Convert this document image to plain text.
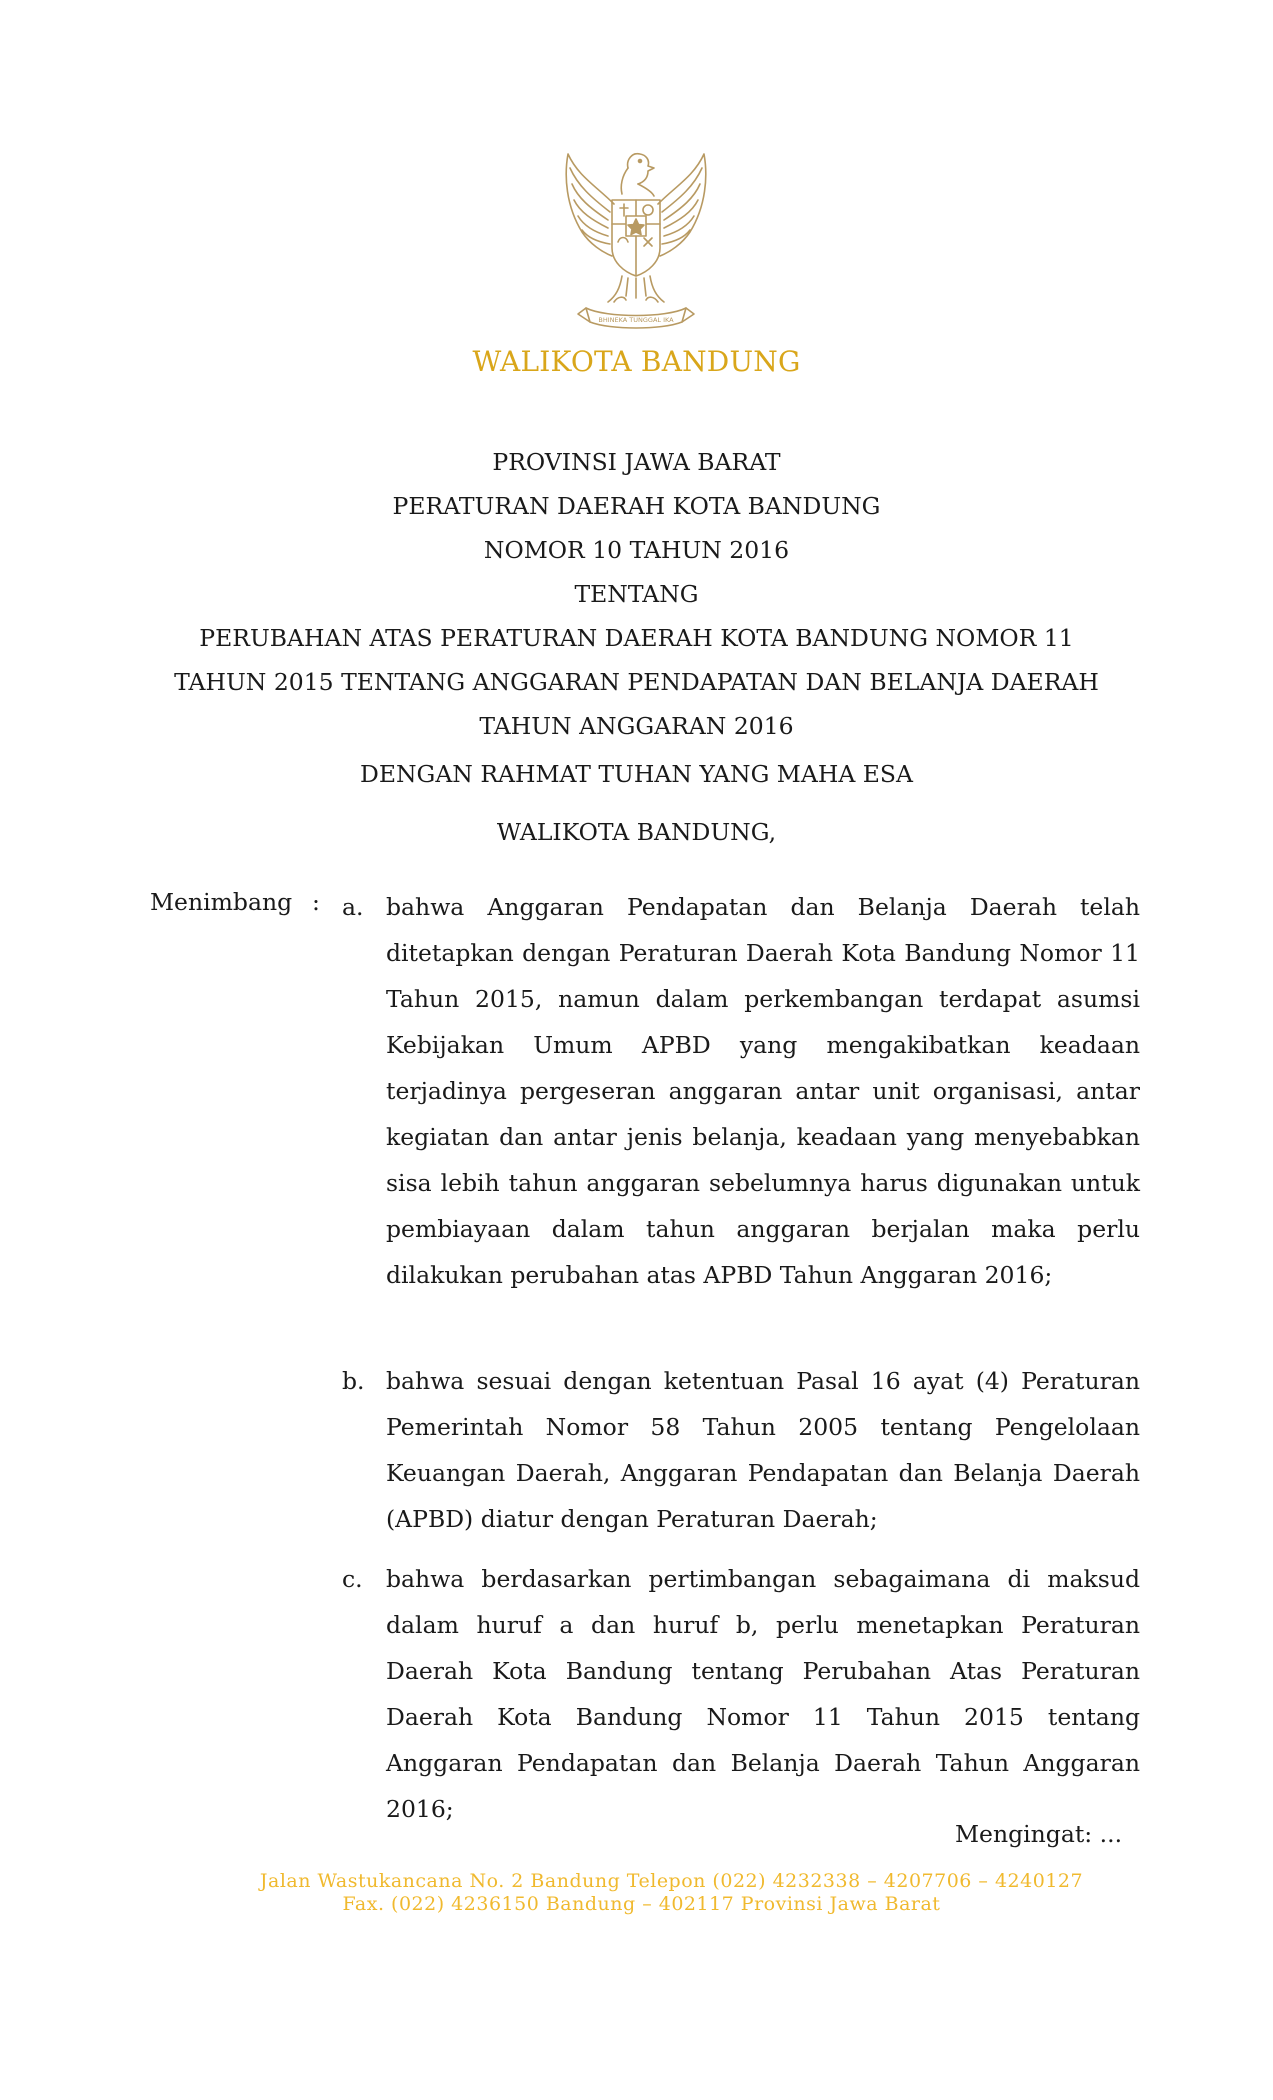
BHINEKA TUNGGAL IKA
WALIKOTA BANDUNG
PROVINSI JAWA BARAT
PERATURAN DAERAH KOTA BANDUNG
NOMOR 10 TAHUN 2016
TENTANG
PERUBAHAN ATAS PERATURAN DAERAH KOTA BANDUNG NOMOR 11
TAHUN 2015 TENTANG ANGGARAN PENDAPATAN DAN BELANJA DAERAH
TAHUN ANGGARAN 2016
DENGAN RAHMAT TUHAN YANG MAHA ESA
WALIKOTA BANDUNG,
Menimbang : a. bahwa Anggaran Pendapatan dan Belanja Daerah telah ditetapkan dengan Peraturan Daerah Kota Bandung Nomor 11 Tahun 2015, namun dalam perkembangan terdapat asumsi Kebijakan Umum APBD yang mengakibatkan keadaan terjadinya pergeseran anggaran antar unit organisasi, antar kegiatan dan antar jenis belanja, keadaan yang menyebabkan sisa lebih tahun anggaran sebelumnya harus digunakan untuk pembiayaan dalam tahun anggaran berjalan maka perlu dilakukan perubahan atas APBD Tahun Anggaran 2016;
b. bahwa sesuai dengan ketentuan Pasal 16 ayat (4) Peraturan Pemerintah Nomor 58 Tahun 2005 tentang Pengelolaan Keuangan Daerah, Anggaran Pendapatan dan Belanja Daerah (APBD) diatur dengan Peraturan Daerah;
c. bahwa berdasarkan pertimbangan sebagaimana di maksud dalam huruf a dan huruf b, perlu menetapkan Peraturan Daerah Kota Bandung tentang Perubahan Atas Peraturan Daerah Kota Bandung Nomor 11 Tahun 2015 tentang Anggaran Pendapatan dan Belanja Daerah Tahun Anggaran 2016;
Mengingat: ...
Jalan Wastukancana No. 2 Bandung Telepon (022) 4232338 – 4207706 – 4240127
Fax. (022) 4236150 Bandung – 402117 Provinsi Jawa Barat
